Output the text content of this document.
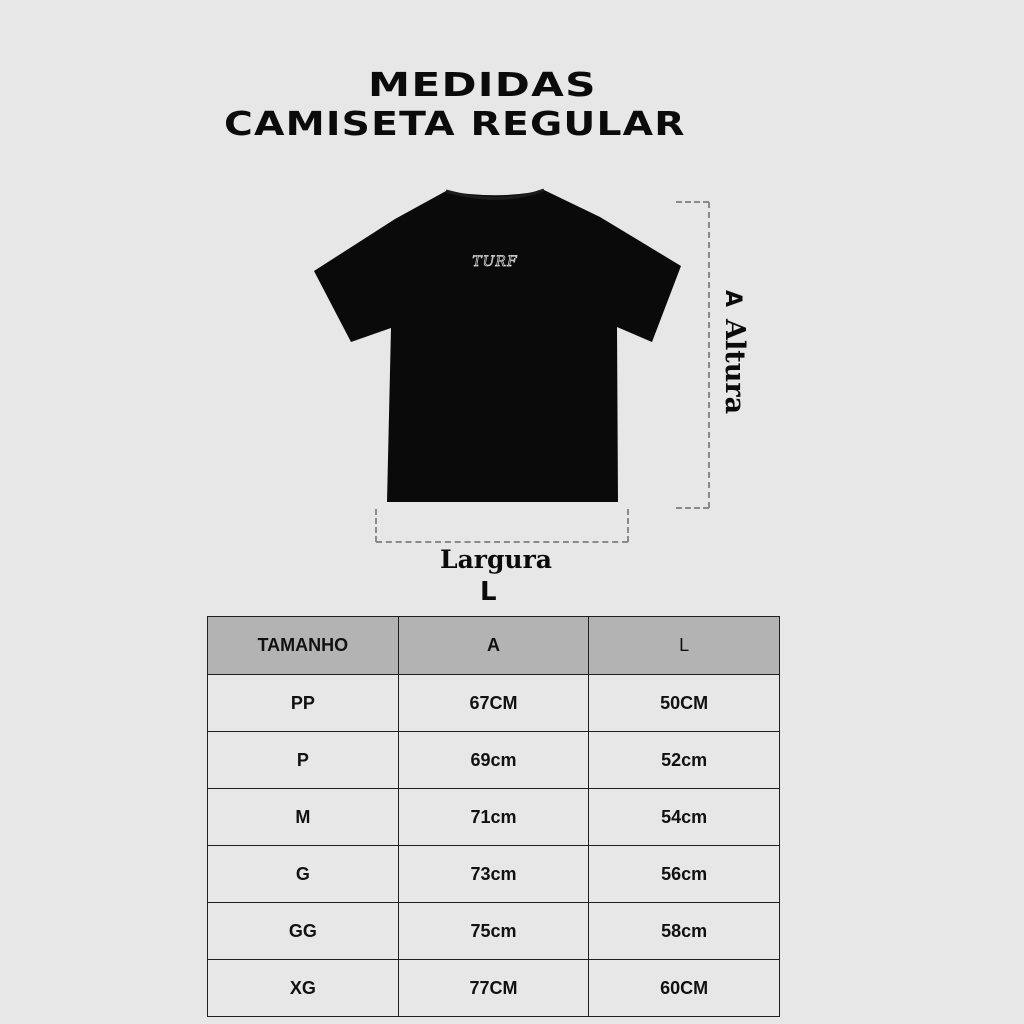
MEDIDAS
CAMISETA REGULAR
TURF
AAltura
Largura
L
TAMANHO	A	L
PP	67CM	50CM
P	69cm	52cm
M	71cm	54cm
G	73cm	56cm
GG	75cm	58cm
XG	77CM	60CM
